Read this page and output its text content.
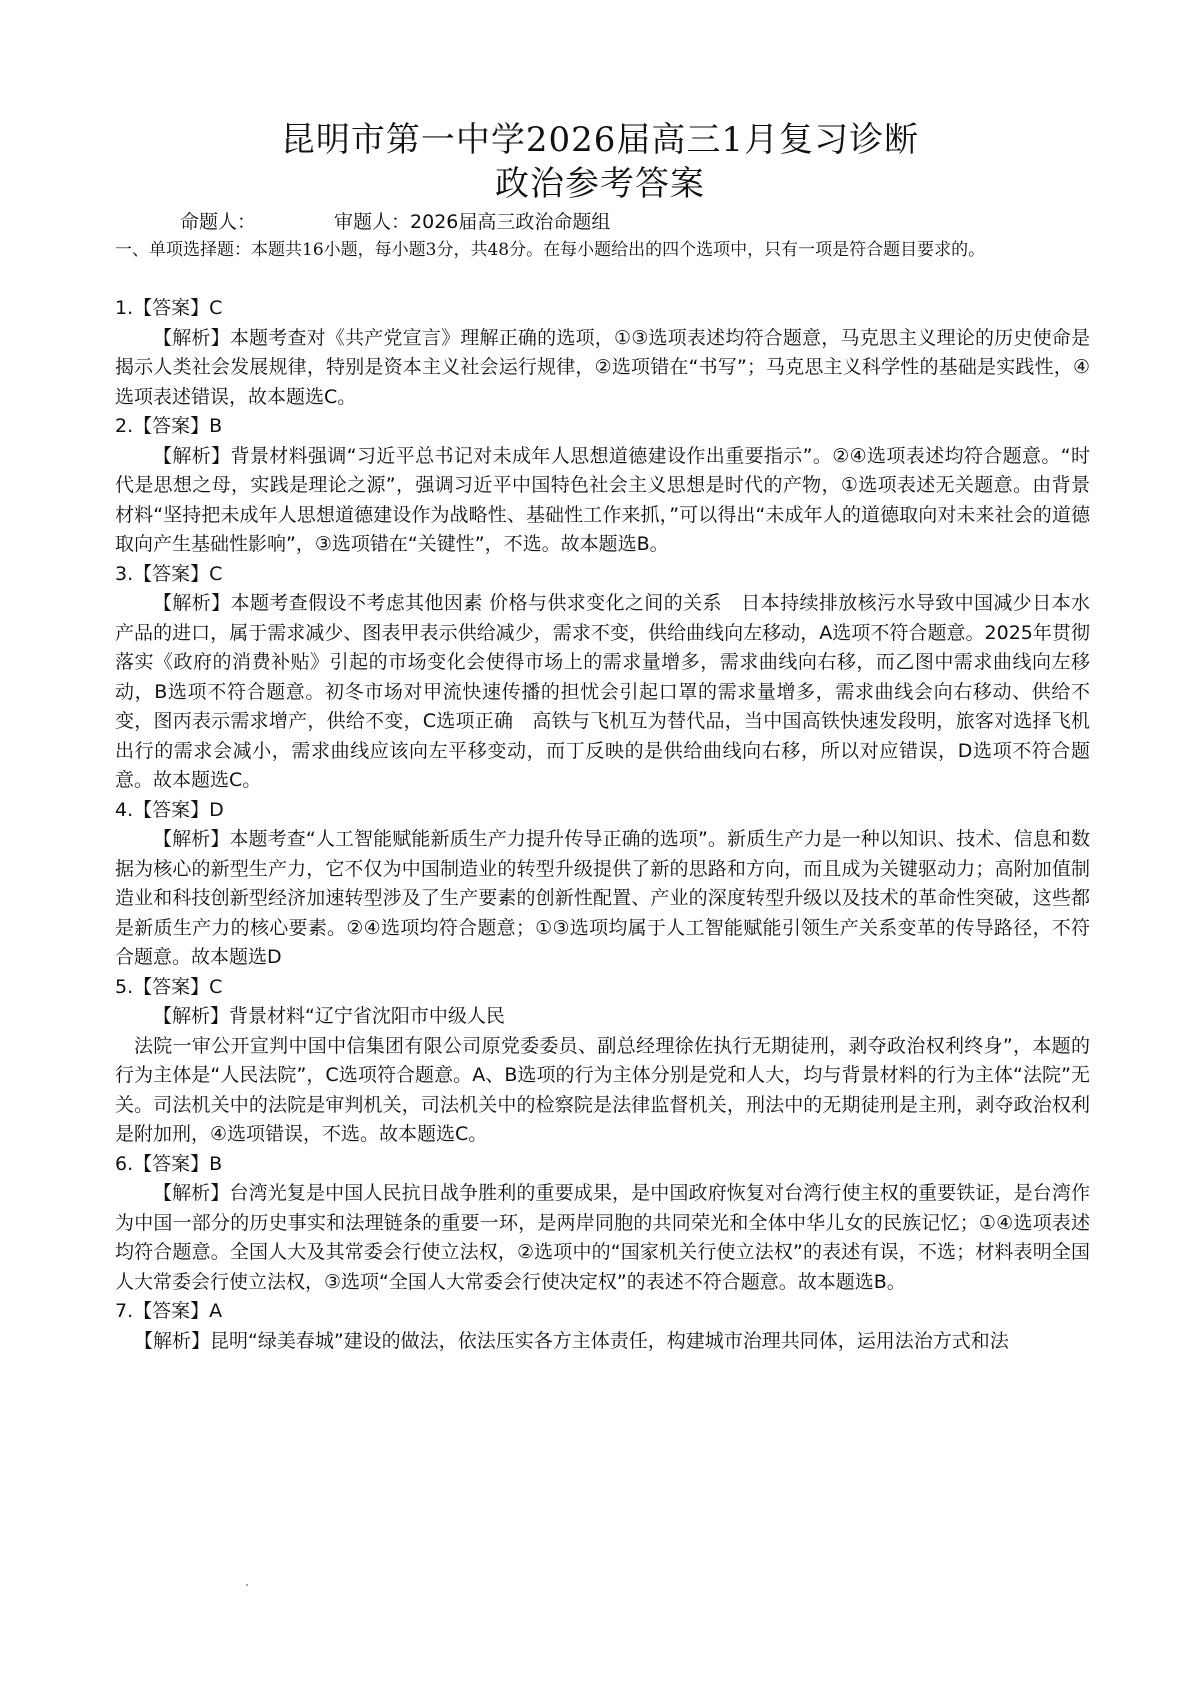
昆明市第一中学2026届高三1月复习诊断
政治参考答案
命题人：	审题人：2026届高三政治命题组
一、单项选择题：本题共16小题，每小题3分，共48分。在每小题给出的四个选项中，只有一项是符合题目要求的。

1.【答案】C

【解析】本题考查对《共产党宣言》理解正确的选项，①③选项表述均符合题意，马克思主义理论的历史使命是揭示人类社会发展规律，特别是资本主义社会运行规律，②选项错在“书写”；马克思主义科学性的基础是实践性，④选项表述错误，故本题选C。

2.【答案】B

【解析】背景材料强调“习近平总书记对未成年人思想道德建设作出重要指示”。②④选项表述均符合题意。“时代是思想之母，实践是理论之源”，强调习近平中国特色社会主义思想是时代的产物，①选项表述无关题意。由背景材料“坚持把未成年人思想道德建设作为战略性、基础性工作来抓，”可以得出“未成年人的道德取向对未来社会的道德取向产生基础性影响”，③选项错在“关键性”，不选。故本题选B。

3.【答案】C

【解析】本题考查假设不考虑其他因素 价格与供求变化之间的关系　日本持续排放核污水导致中国减少日本水产品的进口，属于需求减少、图表甲表示供给减少，需求不变，供给曲线向左移动，A选项不符合题意。2025年贯彻落实《政府的消费补贴》引起的市场变化会使得市场上的需求量增多，需求曲线向右移，而乙图中需求曲线向左移动，B选项不符合题意。初冬市场对甲流快速传播的担忧会引起口罩的需求量增多，需求曲线会向右移动、供给不变，图丙表示需求增产，供给不变，C选项正确　高铁与飞机互为替代品，当中国高铁快速发段明，旅客对选择飞机出行的需求会减小，需求曲线应该向左平移变动，而丁反映的是供给曲线向右移，所以对应错误，D选项不符合题意。故本题选C。

4.【答案】D

【解析】本题考查“人工智能赋能新质生产力提升传导正确的选项”。新质生产力是一种以知识、技术、信息和数据为核心的新型生产力，它不仅为中国制造业的转型升级提供了新的思路和方向，而且成为关键驱动力；高附加值制造业和科技创新型经济加速转型涉及了生产要素的创新性配置、产业的深度转型升级以及技术的革命性突破，这些都是新质生产力的核心要素。②④选项均符合题意；①③选项均属于人工智能赋能引领生产关系变革的传导路径，不符合题意。故本题选D

5.【答案】C

【解析】背景材料“辽宁省沈阳市中级人民

法院一审公开宣判中国中信集团有限公司原党委委员、副总经理徐佐执行无期徒刑，剥夺政治权利终身”，本题的行为主体是“人民法院”，C选项符合题意。A、B选项的行为主体分别是党和人大，均与背景材料的行为主体“法院”无关。司法机关中的法院是审判机关，司法机关中的检察院是法律监督机关，刑法中的无期徒刑是主刑，剥夺政治权利是附加刑，④选项错误，不选。故本题选C。

6.【答案】B

【解析】台湾光复是中国人民抗日战争胜利的重要成果，是中国政府恢复对台湾行使主权的重要铁证，是台湾作为中国一部分的历史事实和法理链条的重要一环，是两岸同胞的共同荣光和全体中华儿女的民族记忆；①④选项表述均符合题意。全国人大及其常委会行使立法权，②选项中的“国家机关行使立法权”的表述有误，不选；材料表明全国人大常委会行使立法权，③选项“全国人大常委会行使决定权”的表述不符合题意。故本题选B。

7.【答案】A

【解析】昆明“绿美春城”建设的做法，依法压实各方主体责任，构建城市治理共同体，运用法治方式和法
